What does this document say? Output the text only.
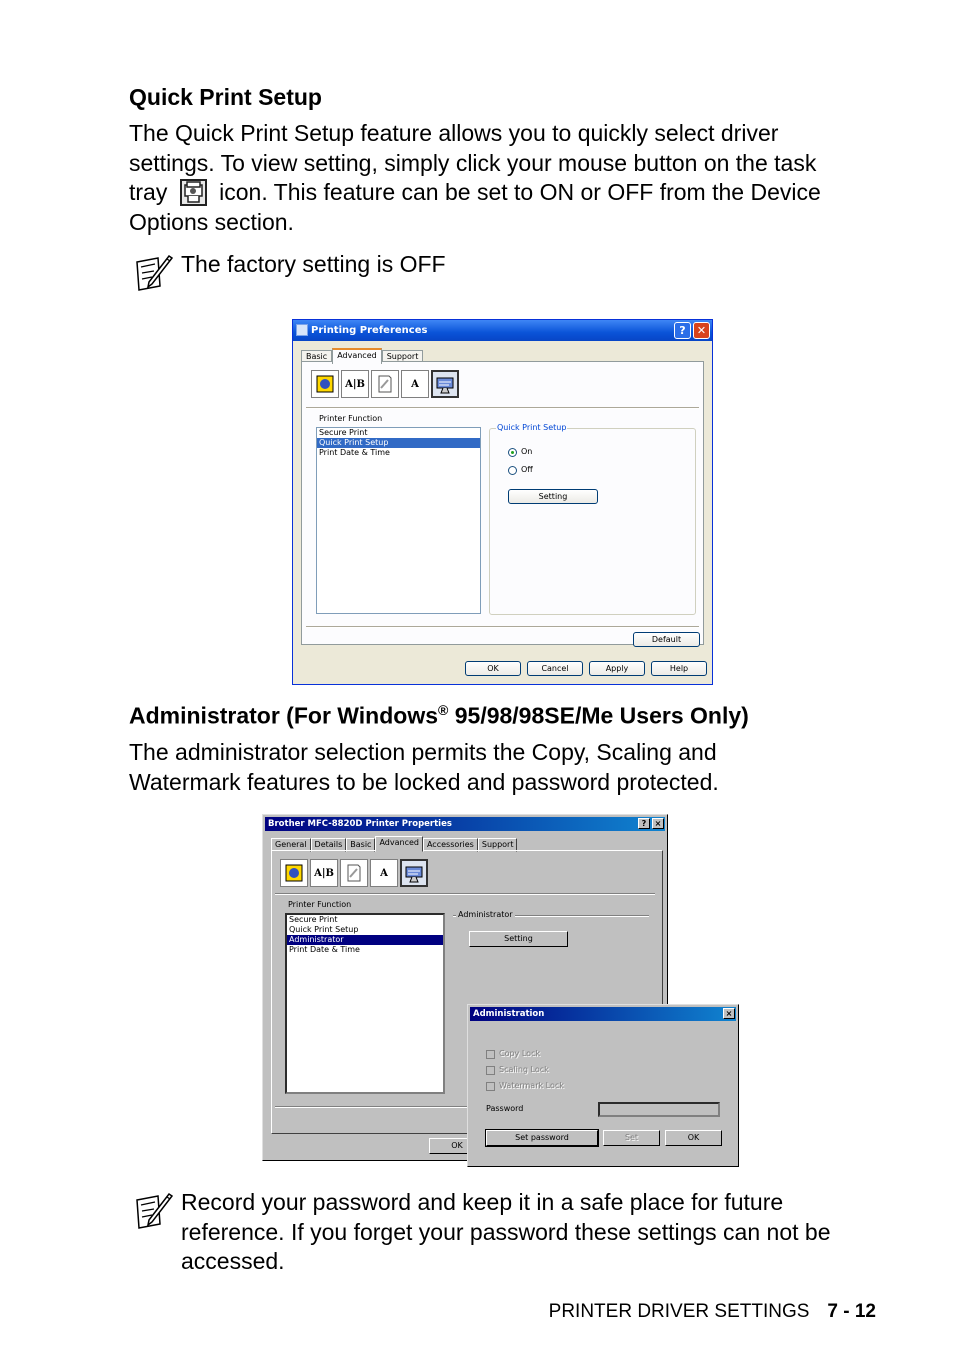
Quick Print Setup
The Quick Print Setup feature allows you to quickly select driver
settings. To view setting, simply click your mouse button on the task
tray icon. This feature can be set to ON or OFF from the Device
Options section.
The factory setting is OFF
Printing Preferences	?	✕
Basic	Advanced	Support
A|B	A
Printer Function
Secure Print
Quick Print Setup
Print Date & Time
Quick Print Setup
On
Off
Setting
Default
OK	Cancel	Apply	Help
Administrator (For Windows® 95/98/98SE/Me Users Only)
The administrator selection permits the Copy, Scaling and
Watermark features to be locked and password protected.
Brother MFC-8820D Printer Properties	?	×
General	Details	Basic	Advanced	Accessories	Support
A|B	A
Printer Function
Secure Print
Quick Print Setup
Administrator
Print Date & Time
Administrator
Setting
OK
Administration	×
Copy Lock
Scaling Lock
Watermark Lock
Password
Set password	Set	OK
Record your password and keep it in a safe place for future
reference. If you forget your password these settings can not be
accessed.
PRINTER DRIVER SETTINGS 7 - 12
